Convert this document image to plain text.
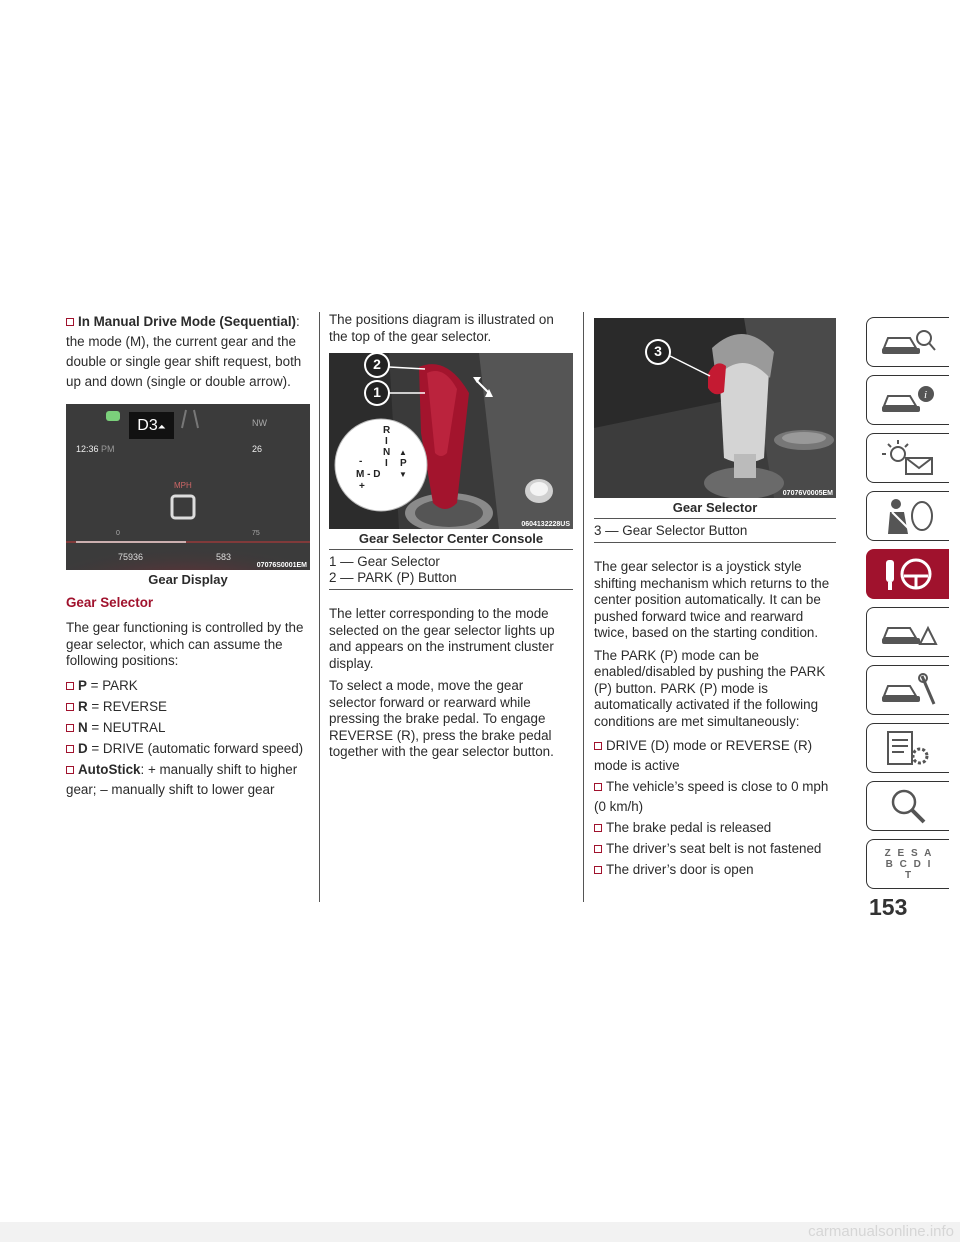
In Manual Drive Mode (Sequential): the mode (M), the current gear and the double or single gear shift request, both up and down (single or double arrow).
D3⏶
12:36 PM
NW
26
MPH
0	75
75936	583
07076S0001EM
Gear Display
Gear Selector

The gear functioning is controlled by the gear selector, which can assume the following positions:

P = PARK
R = REVERSE
N = NEUTRAL
D = DRIVE (automatic forward speed)
AutoStick: + manually shift to higher gear; – manually shift to lower gear

The positions diagram is illustrated on the top of the gear selector.

2
1
R
I
N
I
-
M - D
+
▲
P
▼
0604132228US
Gear Selector Center Console
1 — Gear Selector
2 — PARK (P) Button

The letter corresponding to the mode selected on the gear selector lights up and appears on the instrument cluster display.

To select a mode, move the gear selector forward or rearward while pressing the brake pedal. To engage REVERSE (R), press the brake pedal together with the gear selector button.

3
07076V0005EM
Gear Selector
3 — Gear Selector Button

The gear selector is a joystick style shifting mechanism which returns to the center position automatically. It can be pushed forward twice and rearward twice, based on the starting condition.

The PARK (P) mode can be enabled/disabled by pushing the PARK (P) button. PARK (P) mode is automatically activated if the following conditions are met simultaneously:

DRIVE (D) mode or REVERSE (R) mode is active
The vehicle’s speed is close to 0 mph (0 km/h)
The brake pedal is released
The driver’s seat belt is not fastened
The driver’s door is open
i
Z E S A B C D I T
153
carmanualsonline.info
